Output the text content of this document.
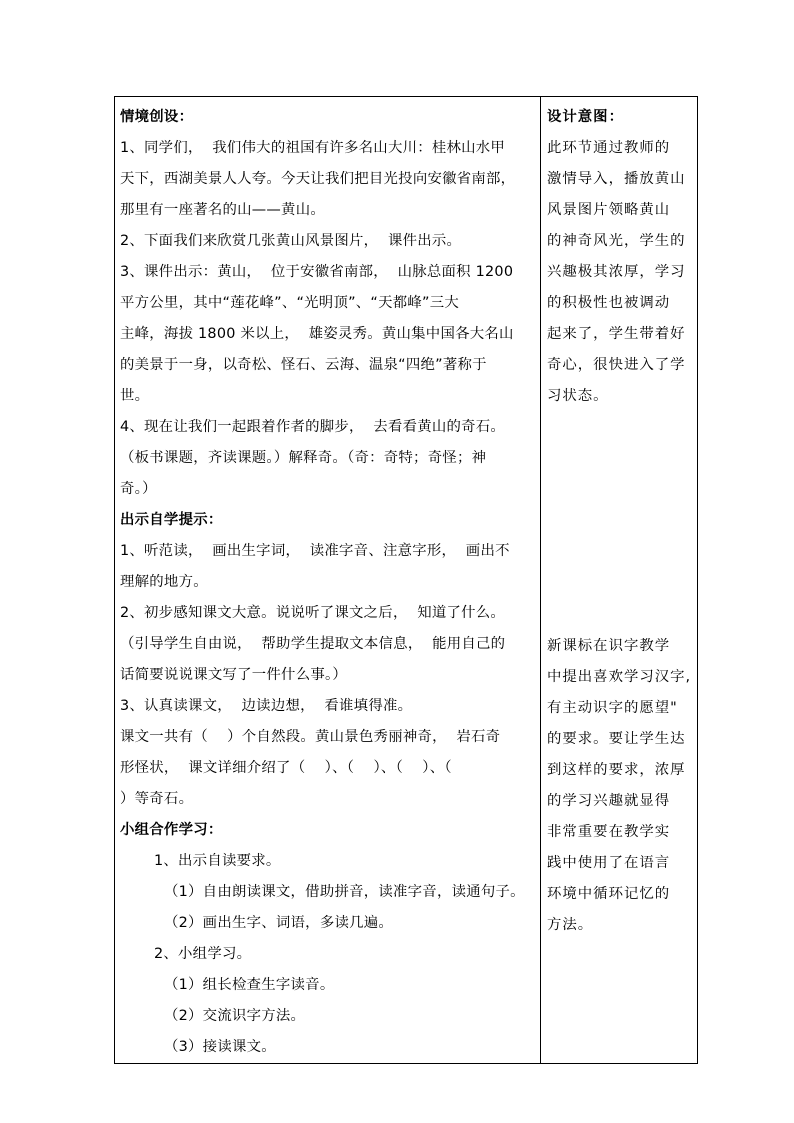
情境创设：
1、同学们，  我们伟大的祖国有许多名山大川：桂林山水甲
天下，西湖美景人人夸。今天让我们把目光投向安徽省南部，
那里有一座著名的山——黄山。
2、下面我们来欣赏几张黄山风景图片，  课件出示。
3、课件出示：黄山，  位于安徽省南部，  山脉总面积 1200
平方公里，其中“莲花峰”、“光明顶”、“天都峰”三大
主峰，海拔 1800 米以上，  雄姿灵秀。黄山集中国各大名山
的美景于一身，以奇松、怪石、云海、温泉“四绝”著称于
世。
4、现在让我们一起跟着作者的脚步，  去看看黄山的奇石。
（板书课题，齐读课题。）解释奇。（奇：奇特；奇怪；神
奇。）
出示自学提示：
1、听范读，  画出生字词，  读准字音、注意字形，  画出不
理解的地方。
2、初步感知课文大意。说说听了课文之后，  知道了什么。
（引导学生自由说，  帮助学生提取文本信息，  能用自己的
话简要说说课文写了一件什么事。）
3、认真读课文，  边读边想，  看谁填得准。
课文一共有（    ）个自然段。黄山景色秀丽神奇，  岩石奇
形怪状，  课文详细介绍了（    ）、（    ）、（    ）、（
）等奇石。
小组合作学习：
1、出示自读要求。
（1）自由朗读课文，借助拼音，读准字音，读通句子。
（2）画出生字、词语，多读几遍。
2、小组学习。
（1）组长检查生字读音。
（2）交流识字方法。
（3）接读课文。

设计意图：
此环节通过教师的
激情导入，播放黄山
风景图片领略黄山
的神奇风光，学生的
兴趣极其浓厚，学习
的积极性也被调动
起来了，学生带着好
奇心，很快进入了学
习状态。
新课标在识字教学
中提出喜欢学习汉字,
有主动识字的愿望"
的要求。要让学生达
到这样的要求，浓厚
的学习兴趣就显得
非常重要在教学实
践中使用了在语言
环境中循环记忆的
方法。
